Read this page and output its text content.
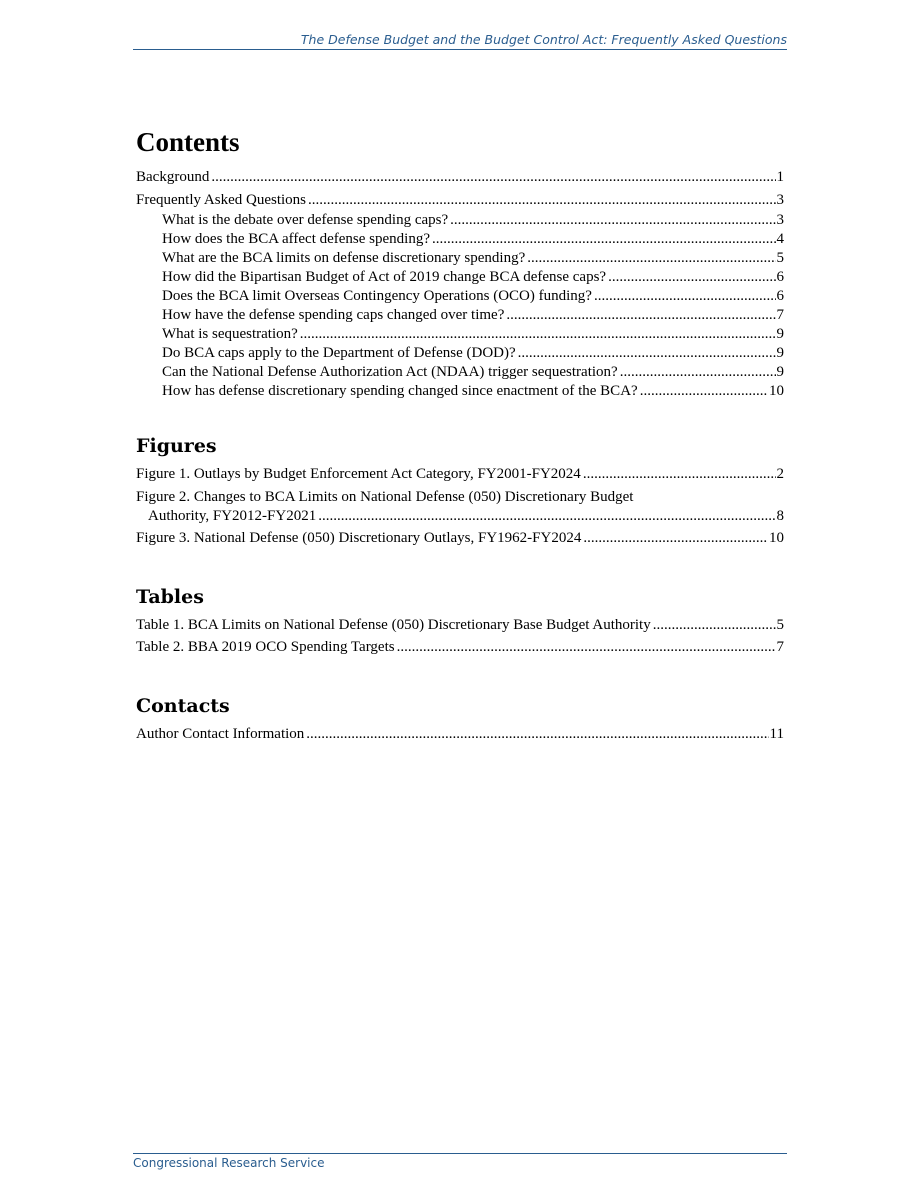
The Defense Budget and the Budget Control Act: Frequently Asked Questions
Contents
Background .....	1
Frequently Asked Questions .....	3
What is the debate over defense spending caps? .....	3
How does the BCA affect defense spending? .....	4
What are the BCA limits on defense discretionary spending? .....	5
How did the Bipartisan Budget of Act of 2019 change BCA defense caps? .....	6
Does the BCA limit Overseas Contingency Operations (OCO) funding? .....	6
How have the defense spending caps changed over time? .....	7
What is sequestration? .....	9
Do BCA caps apply to the Department of Defense (DOD)? .....	9
Can the National Defense Authorization Act (NDAA) trigger sequestration? .....	9
How has defense discretionary spending changed since enactment of the BCA? .....	10
Figures
Figure 1. Outlays by Budget Enforcement Act Category, FY2001-FY2024 .....	2
Figure 2. Changes to BCA Limits on National Defense (050) Discretionary Budget
Authority, FY2012-FY2021 .....	8
Figure 3. National Defense (050) Discretionary Outlays, FY1962-FY2024 .....	10
Tables
Table 1. BCA Limits on National Defense (050) Discretionary Base Budget Authority .....	5
Table 2. BBA 2019 OCO Spending Targets .....	7
Contacts
Author Contact Information .....	11
Congressional Research Service
